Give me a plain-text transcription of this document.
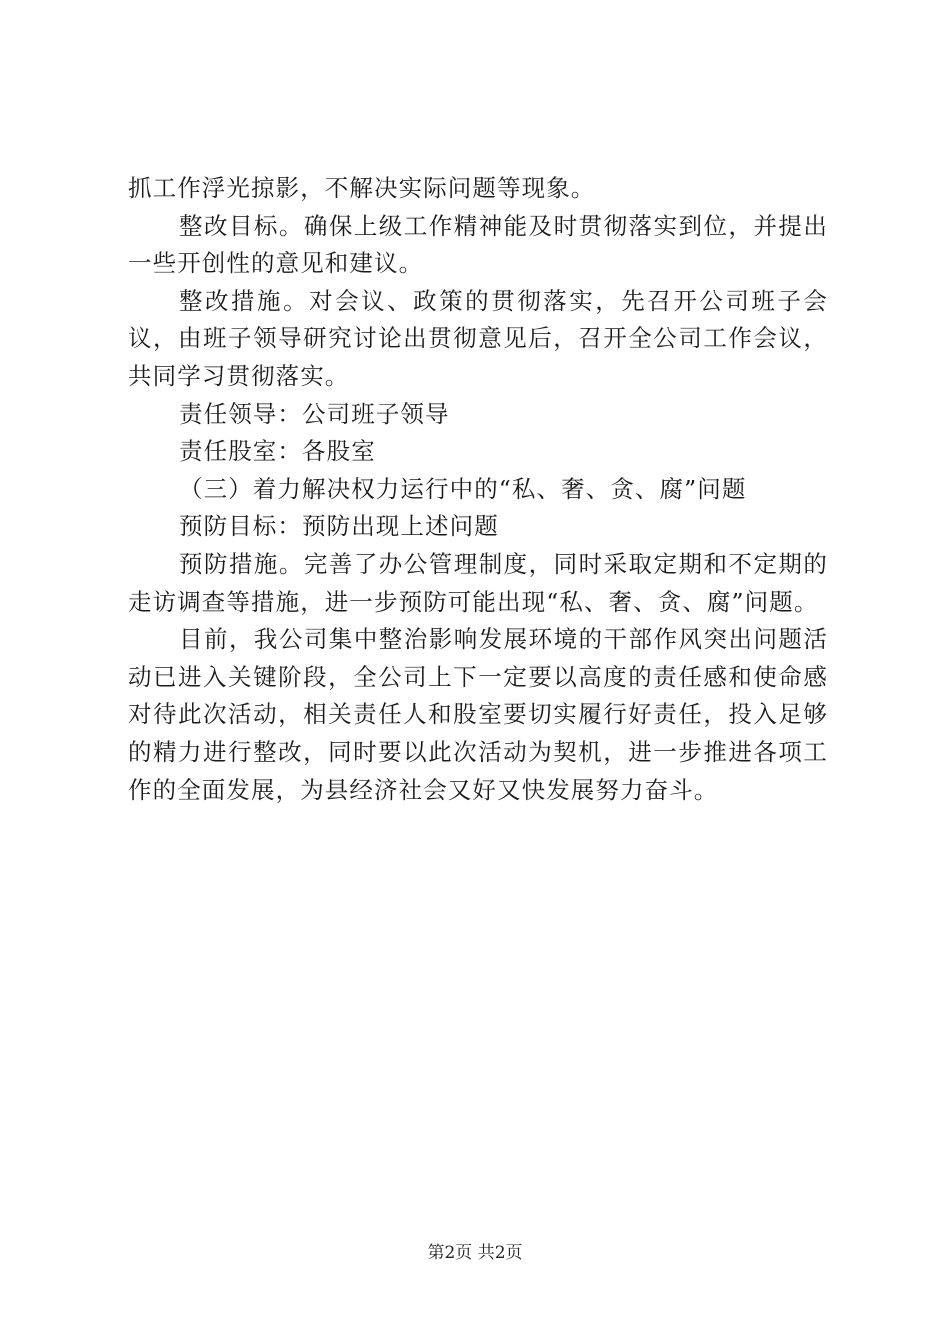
抓工作浮光掠影，不解决实际问题等现象。

整改目标。确保上级工作精神能及时贯彻落实到位，并提出一些开创性的意见和建议。

整改措施。对会议、政策的贯彻落实，先召开公司班子会议，由班子领导研究讨论出贯彻意见后，召开全公司工作会议，共同学习贯彻落实。

责任领导：公司班子领导

责任股室：各股室

（三）着力解决权力运行中的“私、奢、贪、腐”问题

预防目标：预防出现上述问题

预防措施。完善了办公管理制度，同时采取定期和不定期的走访调查等措施，进一步预防可能出现“私、奢、贪、腐”问题。

目前，我公司集中整治影响发展环境的干部作风突出问题活动已进入关键阶段，全公司上下一定要以高度的责任感和使命感对待此次活动，相关责任人和股室要切实履行好责任，投入足够的精力进行整改，同时要以此次活动为契机，进一步推进各项工作的全面发展，为县经济社会又好又快发展努力奋斗。

第2页 共2页
